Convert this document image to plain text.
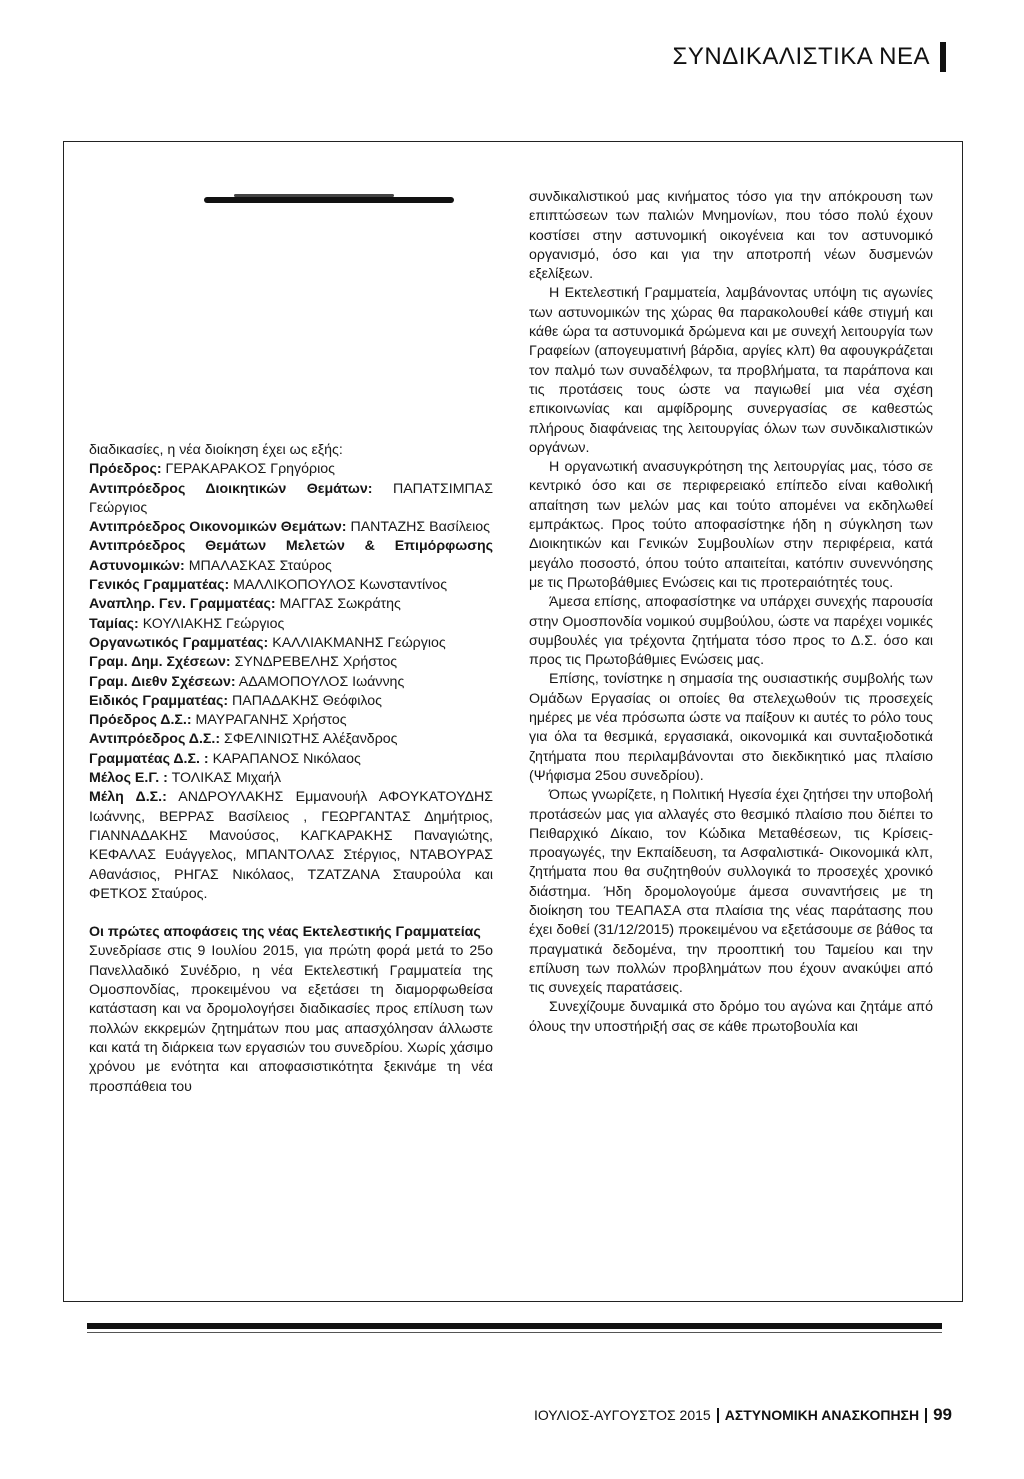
ΣΥΝΔΙΚΑΛΙΣΤΙΚΑ ΝΕΑ

διαδικασίες, η νέα διοίκηση έχει ως εξής:

Πρόεδρος: ΓΕΡΑΚΑΡΑΚΟΣ Γρηγόριος

Αντιπρόεδρος Διοικητικών Θεμάτων: ΠΑΠΑΤΣΙΜΠΑΣ Γεώργιος

Αντιπρόεδρος Οικονομικών Θεμάτων: ΠΑΝΤΑΖΗΣ Βασίλειος

Αντιπρόεδρος Θεμάτων Μελετών & Επιμόρφωσης Αστυνομικών: ΜΠΑΛΑΣΚΑΣ Σταύρος

Γενικός Γραμματέας: ΜΑΛΛΙΚΟΠΟΥΛΟΣ Κωνσταντίνος

Αναπληρ. Γεν. Γραμματέας: ΜΑΓΓΑΣ Σωκράτης

Ταμίας: ΚΟΥΛΙΑΚΗΣ Γεώργιος

Οργανωτικός Γραμματέας: ΚΑΛΛΙΑΚΜΑΝΗΣ Γεώργιος

Γραμ. Δημ. Σχέσεων: ΣΥΝΔΡΕΒΕΛΗΣ Χρήστος

Γραμ. Διεθν Σχέσεων: ΑΔΑΜΟΠΟΥΛΟΣ Ιωάννης

Ειδικός Γραμματέας: ΠΑΠΑΔΑΚΗΣ Θεόφιλος

Πρόεδρος Δ.Σ.: ΜΑΥΡΑΓΑΝΗΣ Χρήστος

Αντιπρόεδρος Δ.Σ.: ΣΦΕΛΙΝΙΩΤΗΣ Αλέξανδρος

Γραμματέας Δ.Σ. : ΚΑΡΑΠΑΝΟΣ Νικόλαος

Μέλος Ε.Γ. : ΤΟΛΙΚΑΣ Μιχαήλ

Μέλη Δ.Σ.: ΑΝΔΡΟΥΛΑΚΗΣ Εμμανουήλ ΑΦΟΥΚΑΤΟΥΔΗΣ Ιωάννης, ΒΕΡΡΑΣ Βασίλειος , ΓΕΩΡΓΑΝΤΑΣ Δημήτριος, ΓΙΑΝΝΑΔΑΚΗΣ Μανούσος, ΚΑΓΚΑΡΑΚΗΣ Παναγιώτης, ΚΕΦΑΛΑΣ Ευάγγελος, ΜΠΑΝΤΟΛΑΣ Στέργιος, ΝΤΑΒΟΥΡΑΣ Αθανάσιος, ΡΗΓΑΣ Νικόλαος, ΤΖΑΤΖΑΝΑ Σταυρούλα και ΦΕΤΚΟΣ Σταύρος.

Οι πρώτες αποφάσεις της νέας Εκτελεστικής Γραμματείας

Συνεδρίασε στις 9 Ιουλίου 2015, για πρώτη φορά μετά το 25ο Πανελλαδικό Συνέδριο, η νέα Εκτελεστική Γραμματεία της Ομοσπονδίας, προκειμένου να εξετάσει τη διαμορφωθείσα κατάσταση και να δρομολογήσει διαδικασίες προς επίλυση των πολλών εκκρεμών ζητημάτων που μας απασχόλησαν άλλωστε και κατά τη διάρκεια των εργασιών του συνεδρίου. Χωρίς χάσιμο χρόνου με ενότητα και αποφασιστικότητα ξεκινάμε τη νέα προσπάθεια του

συνδικαλιστικού μας κινήματος τόσο για την απόκρουση των επιπτώσεων των παλιών Μνημονίων, που τόσο πολύ έχουν κοστίσει στην αστυνομική οικογένεια και τον αστυνομικό οργανισμό, όσο και για την αποτροπή νέων δυσμενών εξελίξεων.

Η Εκτελεστική Γραμματεία, λαμβάνοντας υπόψη τις αγωνίες των αστυνομικών της χώρας θα παρακολουθεί κάθε στιγμή και κάθε ώρα τα αστυνομικά δρώμενα και με συνεχή λειτουργία των Γραφείων (απογευματινή βάρδια, αργίες κλπ) θα αφουγκράζεται τον παλμό των συναδέλφων, τα προβλήματα, τα παράπονα και τις προτάσεις τους ώστε να παγιωθεί μια νέα σχέση επικοινωνίας και αμφίδρομης συνεργασίας σε καθεστώς πλήρους διαφάνειας της λειτουργίας όλων των συνδικαλιστικών οργάνων.

Η οργανωτική ανασυγκρότηση της λειτουργίας μας, τόσο σε κεντρικό όσο και σε περιφερειακό επίπεδο είναι καθολική απαίτηση των μελών μας και τούτο απομένει να εκδηλωθεί εμπράκτως. Προς τούτο αποφασίστηκε ήδη η σύγκληση των Διοικητικών και Γενικών Συμβουλίων στην περιφέρεια, κατά μεγάλο ποσοστό, όπου τούτο απαιτείται, κατόπιν συνεννόησης με τις Πρωτοβάθμιες Ενώσεις και τις προτεραιότητές τους.

Άμεσα επίσης, αποφασίστηκε να υπάρχει συνεχής παρουσία στην Ομοσπονδία νομικού συμβούλου, ώστε να παρέχει νομικές συμβουλές για τρέχοντα ζητήματα τόσο προς το Δ.Σ. όσο και προς τις Πρωτοβάθμιες Ενώσεις μας.

Επίσης, τονίστηκε η σημασία της ουσιαστικής συμβολής των Ομάδων Εργασίας οι οποίες θα στελεχωθούν τις προσεχείς ημέρες με νέα πρόσωπα ώστε να παίξουν κι αυτές το ρόλο τους για όλα τα θεσμικά, εργασιακά, οικονομικά και συνταξιοδοτικά ζητήματα που περιλαμβάνονται στο διεκδικητικό μας πλαίσιο (Ψήφισμα 25ου συνεδρίου).

Όπως γνωρίζετε, η Πολιτική Ηγεσία έχει ζητήσει την υποβολή προτάσεών μας για αλλαγές στο θεσμικό πλαίσιο που διέπει το Πειθαρχικό Δίκαιο, τον Κώδικα Μεταθέσεων, τις Κρίσεις-προαγωγές, την Εκπαίδευση, τα Ασφαλιστικά- Οικονομικά κλπ, ζητήματα που θα συζητηθούν συλλογικά το προσεχές χρονικό διάστημα. Ήδη δρομολογούμε άμεσα συναντήσεις με τη διοίκηση του ΤΕΑΠΑΣΑ στα πλαίσια της νέας παράτασης που έχει δοθεί (31/12/2015) προκειμένου να εξετάσουμε σε βάθος τα πραγματικά δεδομένα, την προοπτική του Ταμείου και την επίλυση των πολλών προβλημάτων που έχουν ανακύψει από τις συνεχείς παρατάσεις.

Συνεχίζουμε δυναμικά στο δρόμο του αγώνα και ζητάμε από όλους την υποστήριξή σας σε κάθε πρωτοβουλία και

ΙΟΥΛΙΟΣ-ΑΥΓΟΥΣΤΟΣ 2015 ΑΣΤΥΝΟΜΙΚΗ ΑΝΑΣΚΟΠΗΣΗ 99
